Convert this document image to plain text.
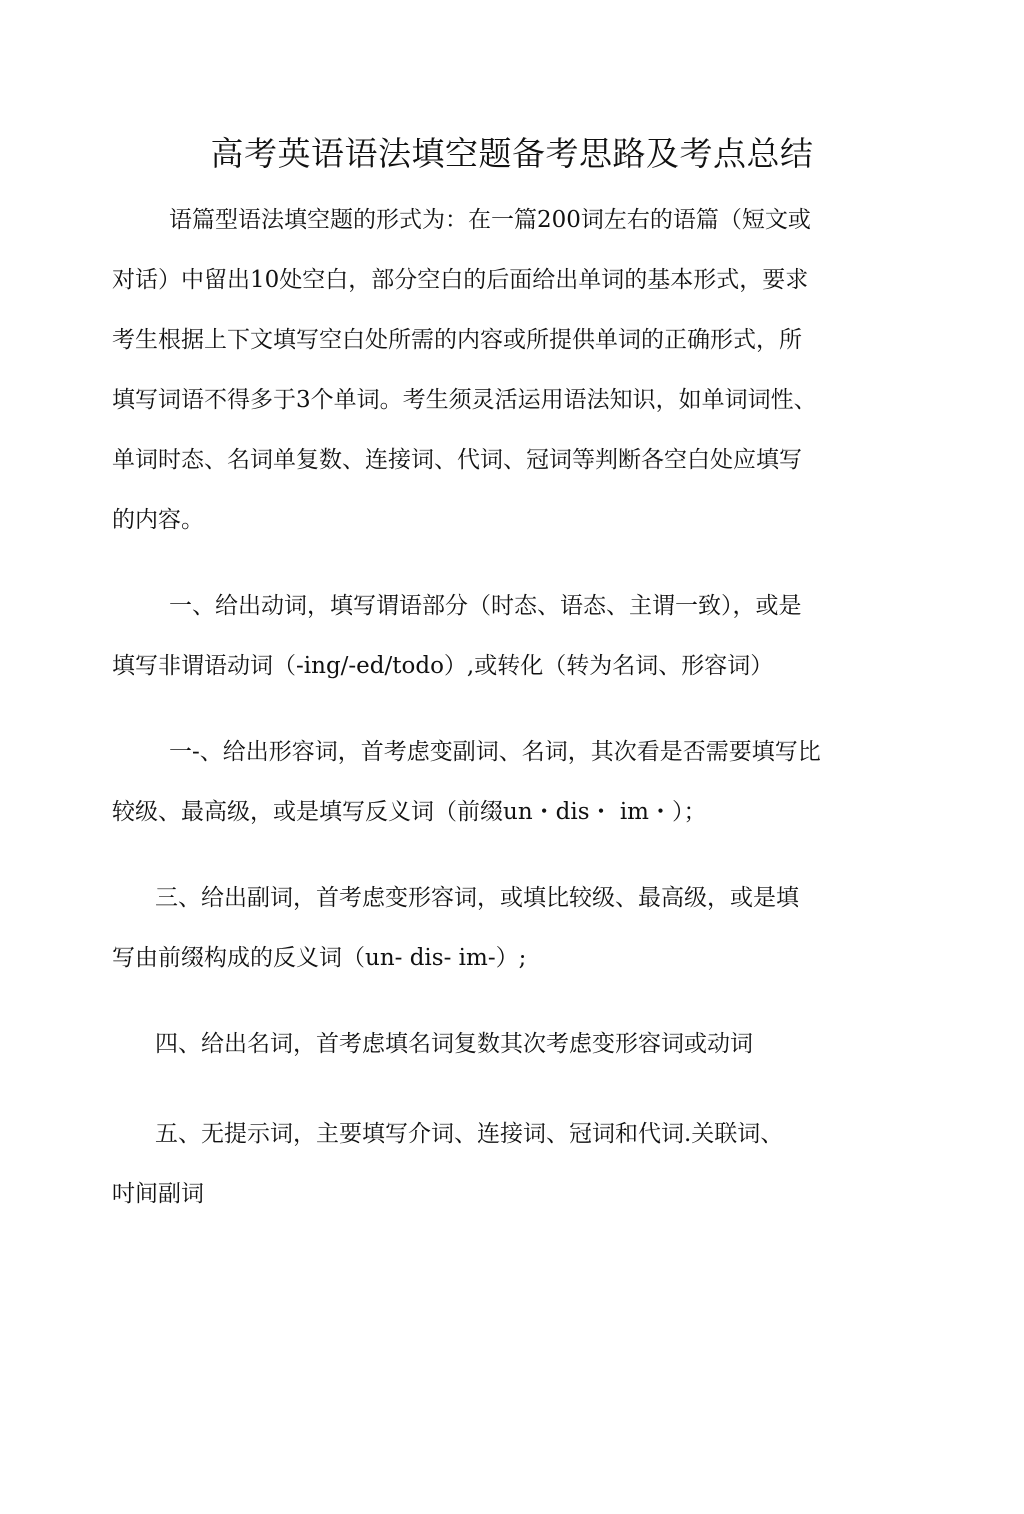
高考英语语法填空题备考思路及考点总结
语篇型语法填空题的形式为：在一篇200词左右的语篇（短文或
对话）中留出10处空白，部分空白的后面给出单词的基本形式，要求
考生根据上下文填写空白处所需的内容或所提供单词的正确形式，所
填写词语不得多于3个单词。考生须灵活运用语法知识，如单词词性、
单词时态、名词单复数、连接词、代词、冠词等判断各空白处应填写
的内容。
一、给出动词，填写谓语部分（时态、语态、主谓一致），或是
填写非谓语动词（-ing/-ed/todo）,或转化（转为名词、形容词）
一-、给出形容词，首考虑变副词、名词，其次看是否需要填写比
较级、最高级，或是填写反义词（前缀un・dis・ im・）；
三、给出副词，首考虑变形容词，或填比较级、最高级，或是填
写由前缀构成的反义词（un- dis- im-）;
四、给出名词，首考虑填名词复数其次考虑变形容词或动词
五、无提示词，主要填写介词、连接词、冠词和代词.关联词、
吋间副词
